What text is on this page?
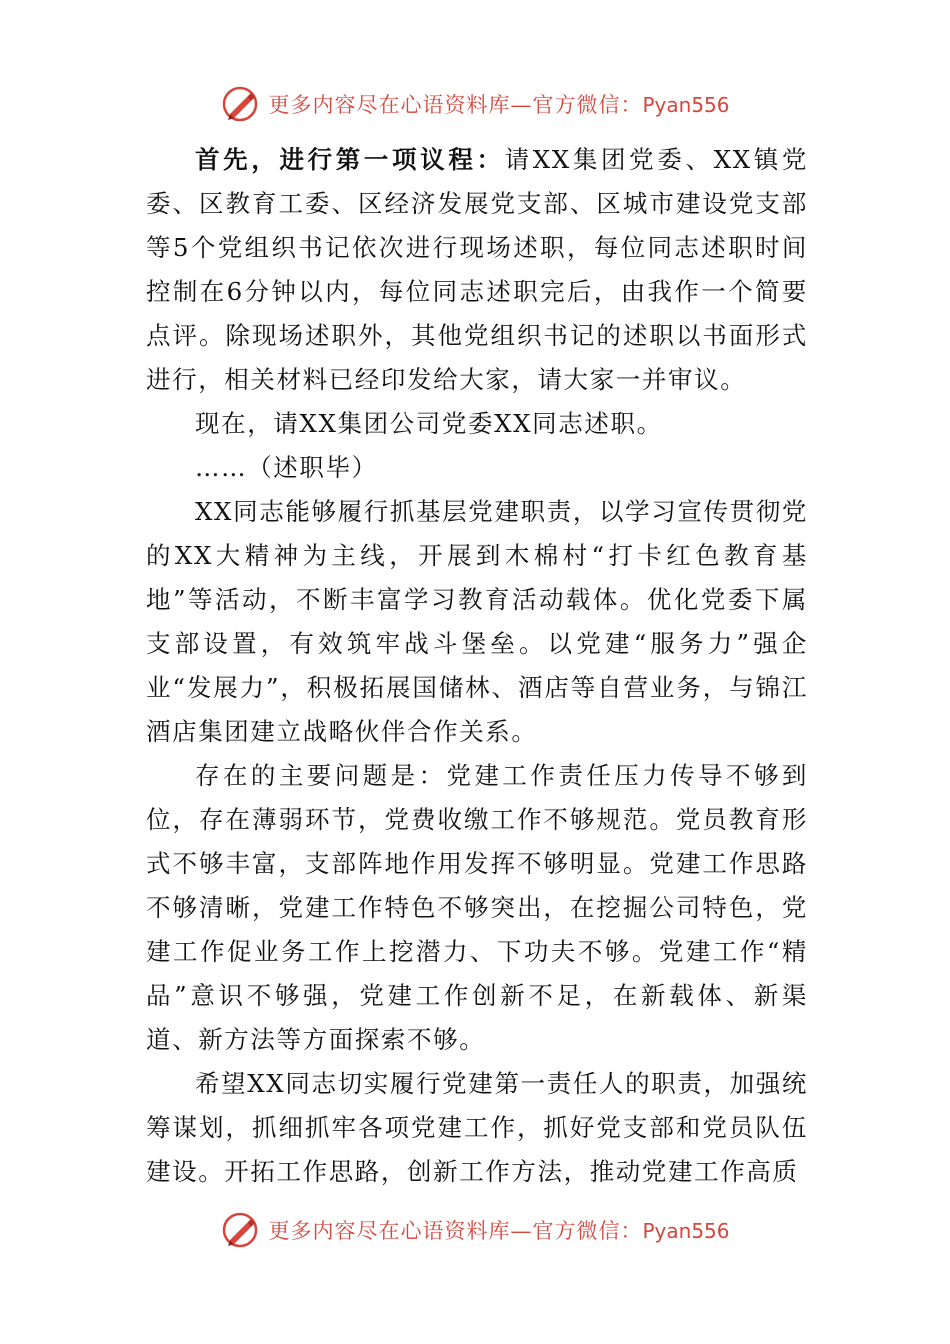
更多内容尽在心语资料库—官方微信：Pyan556

首先，进行第一项议程：请XX集团党委、XX镇党委、区教育工委、区经济发展党支部、区城市建设党支部等5个党组织书记依次进行现场述职，每位同志述职时间控制在6分钟以内，每位同志述职完后，由我作一个简要点评。除现场述职外，其他党组织书记的述职以书面形式进行，相关材料已经印发给大家，请大家一并审议。

现在，请XX集团公司党委XX同志述职。

……（述职毕）

XX同志能够履行抓基层党建职责，以学习宣传贯彻党的XX大精神为主线，开展到木棉村“打卡红色教育基地”等活动，不断丰富学习教育活动载体。优化党委下属支部设置，有效筑牢战斗堡垒。以党建“服务力”强企业“发展力”，积极拓展国储林、酒店等自营业务，与锦江酒店集团建立战略伙伴合作关系。

存在的主要问题是：党建工作责任压力传导不够到位，存在薄弱环节，党费收缴工作不够规范。党员教育形式不够丰富，支部阵地作用发挥不够明显。党建工作思路不够清晰，党建工作特色不够突出，在挖掘公司特色，党建工作促业务工作上挖潜力、下功夫不够。党建工作“精品”意识不够强，党建工作创新不足，在新载体、新渠道、新方法等方面探索不够。

希望XX同志切实履行党建第一责任人的职责，加强统筹谋划，抓细抓牢各项党建工作，抓好党支部和党员队伍建设。开拓工作思路，创新工作方法，推动党建工作高质

更多内容尽在心语资料库—官方微信：Pyan556
